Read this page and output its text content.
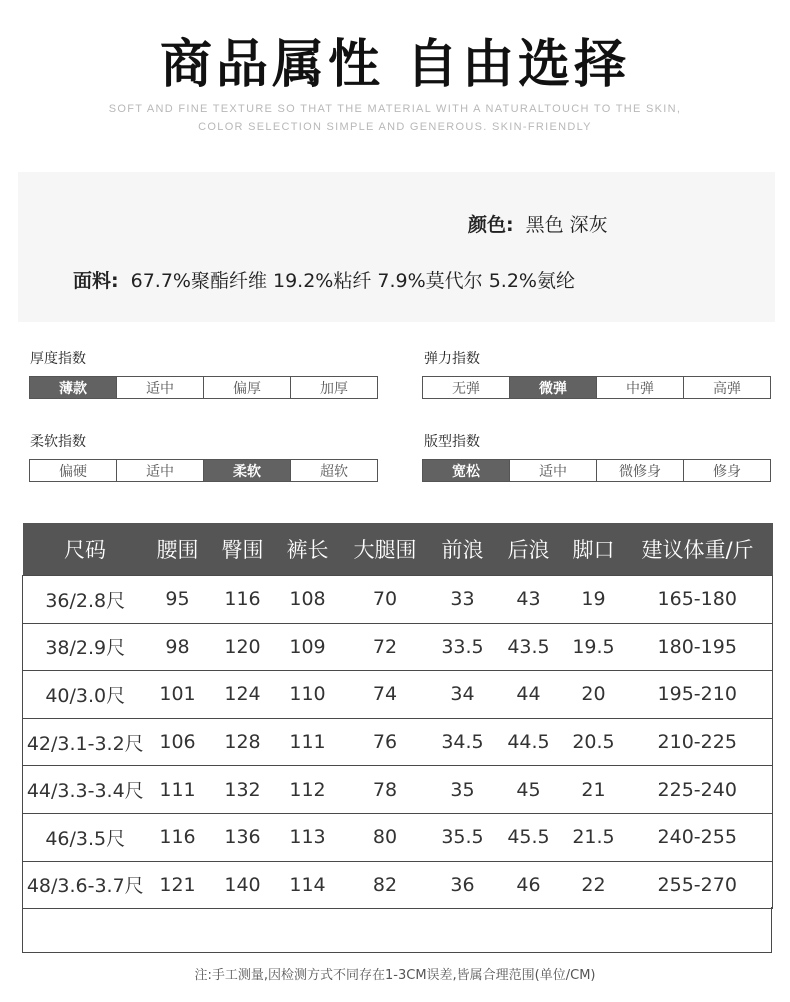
商品属性 自由选择
SOFT AND FINE TEXTURE SO THAT THE MATERIAL WITH A NATURALTOUCH TO THE SKIN,
COLOR SELECTION SIMPLE AND GENEROUS. SKIN-FRIENDLY
颜色: 黑色 深灰
面料: 67.7%聚酯纤维 19.2%粘纤 7.9%莫代尔 5.2%氨纶
厚度指数
薄款	适中	偏厚	加厚
弹力指数
无弹	微弹	中弹	高弹
柔软指数
偏硬	适中	柔软	超软
版型指数
宽松	适中	微修身	修身
尺码	腰围	臀围	裤长	大腿围	前浪	后浪	脚口	建议体重/斤
36/2.8尺	95	116	108	70	33	43	19	165-180
38/2.9尺	98	120	109	72	33.5	43.5	19.5	180-195
40/3.0尺	101	124	110	74	34	44	20	195-210
42/3.1-3.2尺	106	128	111	76	34.5	44.5	20.5	210-225
44/3.3-3.4尺	111	132	112	78	35	45	21	225-240
46/3.5尺	116	136	113	80	35.5	45.5	21.5	240-255
48/3.6-3.7尺	121	140	114	82	36	46	22	255-270
注:手工测量,因检测方式不同存在1-3CM误差,皆属合理范围(单位/CM)
